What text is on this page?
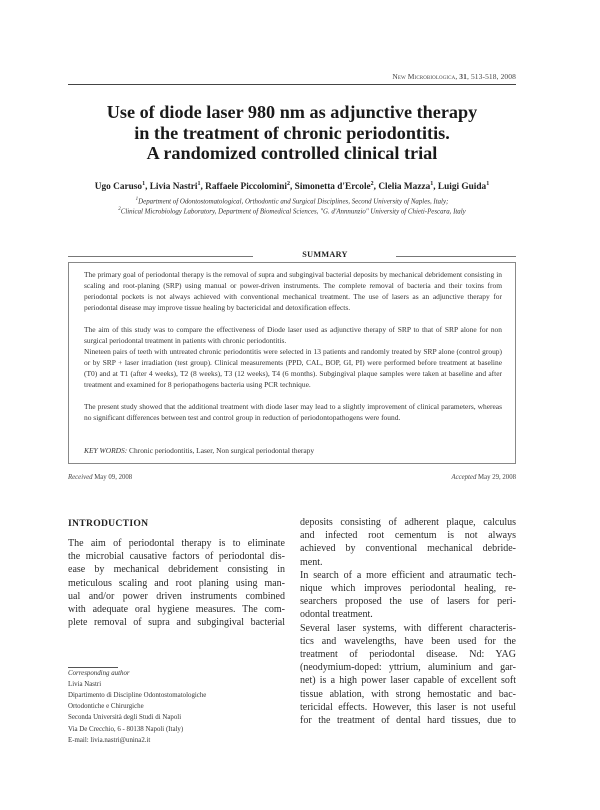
New Microbiologica, 31, 513-518, 2008
Use of diode laser 980 nm as adjunctive therapy
in the treatment of chronic periodontitis.
A randomized controlled clinical trial
Ugo Caruso$^1$, Livia Nastri$^1$, Raffaele Piccolomini$^2$, Simonetta d'Ercole$^2$, Clelia Mazza$^1$, Luigi Guida$^1$
$^1$Department of Odontostomatological, Orthodontic and Surgical Disciplines, Second University of Naples, Italy;
$^2$Clinical Microbiology Laboratory, Department of Biomedical Sciences, "G. d'Annnunzio" University of Chieti-Pescara, Italy
SUMMARY
The primary goal of periodontal therapy is the removal of supra and subgingival bacterial deposits by mechanical debridement consisting in scaling and root-planing (SRP) using manual or power-driven instruments. The complete removal of bacteria and their toxins from periodontal pockets is not always achieved with conventional mechanical treatment. The use of lasers as an adjunctive therapy for periodontal disease may improve tissue healing by bactericidal and detoxification effects.
The aim of this study was to compare the effectiveness of Diode laser used as adjunctive therapy of SRP to that of SRP alone for non surgical periodontal treatment in patients with chronic periodontitis.
Nineteen pairs of teeth with untreated chronic periodontitis were selected in 13 patients and randomly treated by SRP alone (control group) or by SRP + laser irradiation (test group). Clinical measurements (PPD, CAL, BOP, GI, PI) were performed before treatment at baseline (T0) and at T1 (after 4 weeks), T2 (8 weeks), T3 (12 weeks), T4 (6 months). Subgingival plaque samples were taken at baseline and after treatment and examined for 8 periopathogens bacteria using PCR technique.
The present study showed that the additional treatment with diode laser may lead to a slightly improvement of clinical parameters, whereas no significant differences between test and control group in reduction of periodontopathogens were found.
KEY WORDS: Chronic periodontitis, Laser, Non surgical periodontal therapy
Received May 09, 2008	Accepted May 29, 2008
INTRODUCTION
The aim of periodontal therapy is to eliminate
the microbial causative factors of periodontal dis-
ease by mechanical debridement consisting in
meticulous scaling and root planing using man-
ual and/or power driven instruments combined
with adequate oral hygiene measures. The com-
plete removal of supra and subgingival bacterial
deposits consisting of adherent plaque, calculus
and infected root cementum is not always
achieved by conventional mechanical debride-
ment.
In search of a more efficient and atraumatic tech-
nique which improves periodontal healing, re-
searchers proposed the use of lasers for peri-
odontal treatment.
Several laser systems, with different characteris-
tics and wavelengths, have been used for the
treatment of periodontal disease. Nd: YAG
(neodymium-doped: yttrium, aluminium and gar-
net) is a high power laser capable of excellent soft
tissue ablation, with strong hemostatic and bac-
tericidal effects. However, this laser is not useful
for the treatment of dental hard tissues, due to
Corresponding author
Livia Nastri
Dipartimento di Discipline Odontostomatologiche
Ortodontiche e Chirurgiche
Seconda Università degli Studi di Napoli
Via De Crecchio, 6 - 80138 Napoli (Italy)
E-mail: livia.nastri@unina2.it
